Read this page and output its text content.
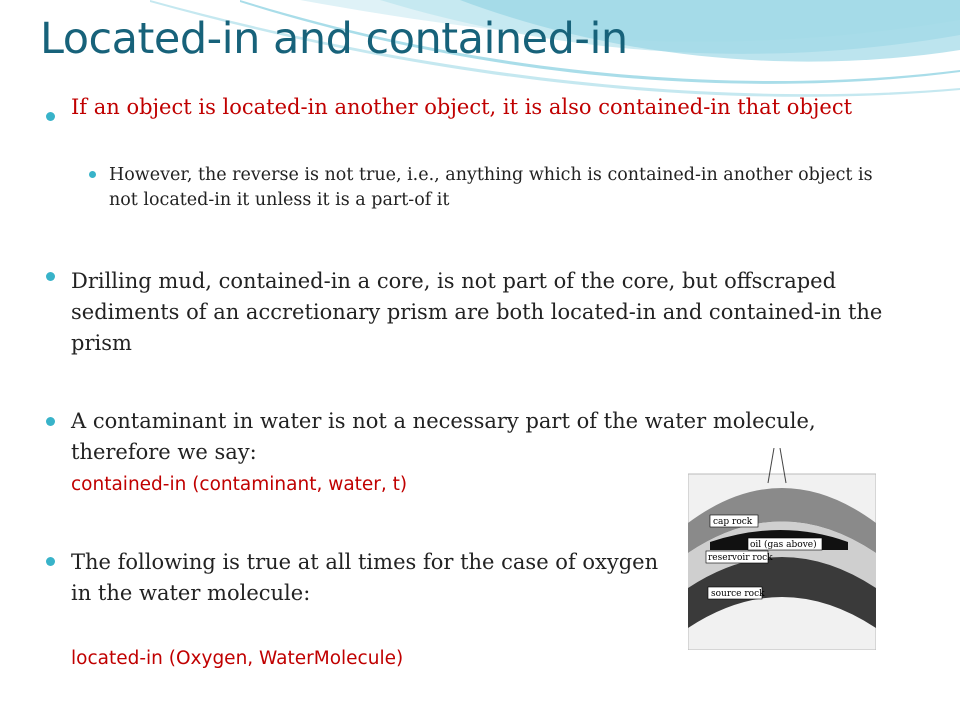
Located-in and contained-in
If an object is located-in another object, it is also contained-in that object
However, the reverse is not true, i.e., anything which is contained-in another object is not located-in it unless it is a part-of it
Drilling mud, contained-in a core, is not part of the core, but offscraped sediments of an accretionary prism are both located-in and contained-in the prism
A contaminant in water is not a necessary part of the water molecule, therefore we say:
contained-in (contaminant, water, t)
The following is true at all times for the case of oxygen in the water molecule:
located-in (Oxygen, WaterMolecule)
cap rock
oil (gas above)
reservoir rock
source rock
